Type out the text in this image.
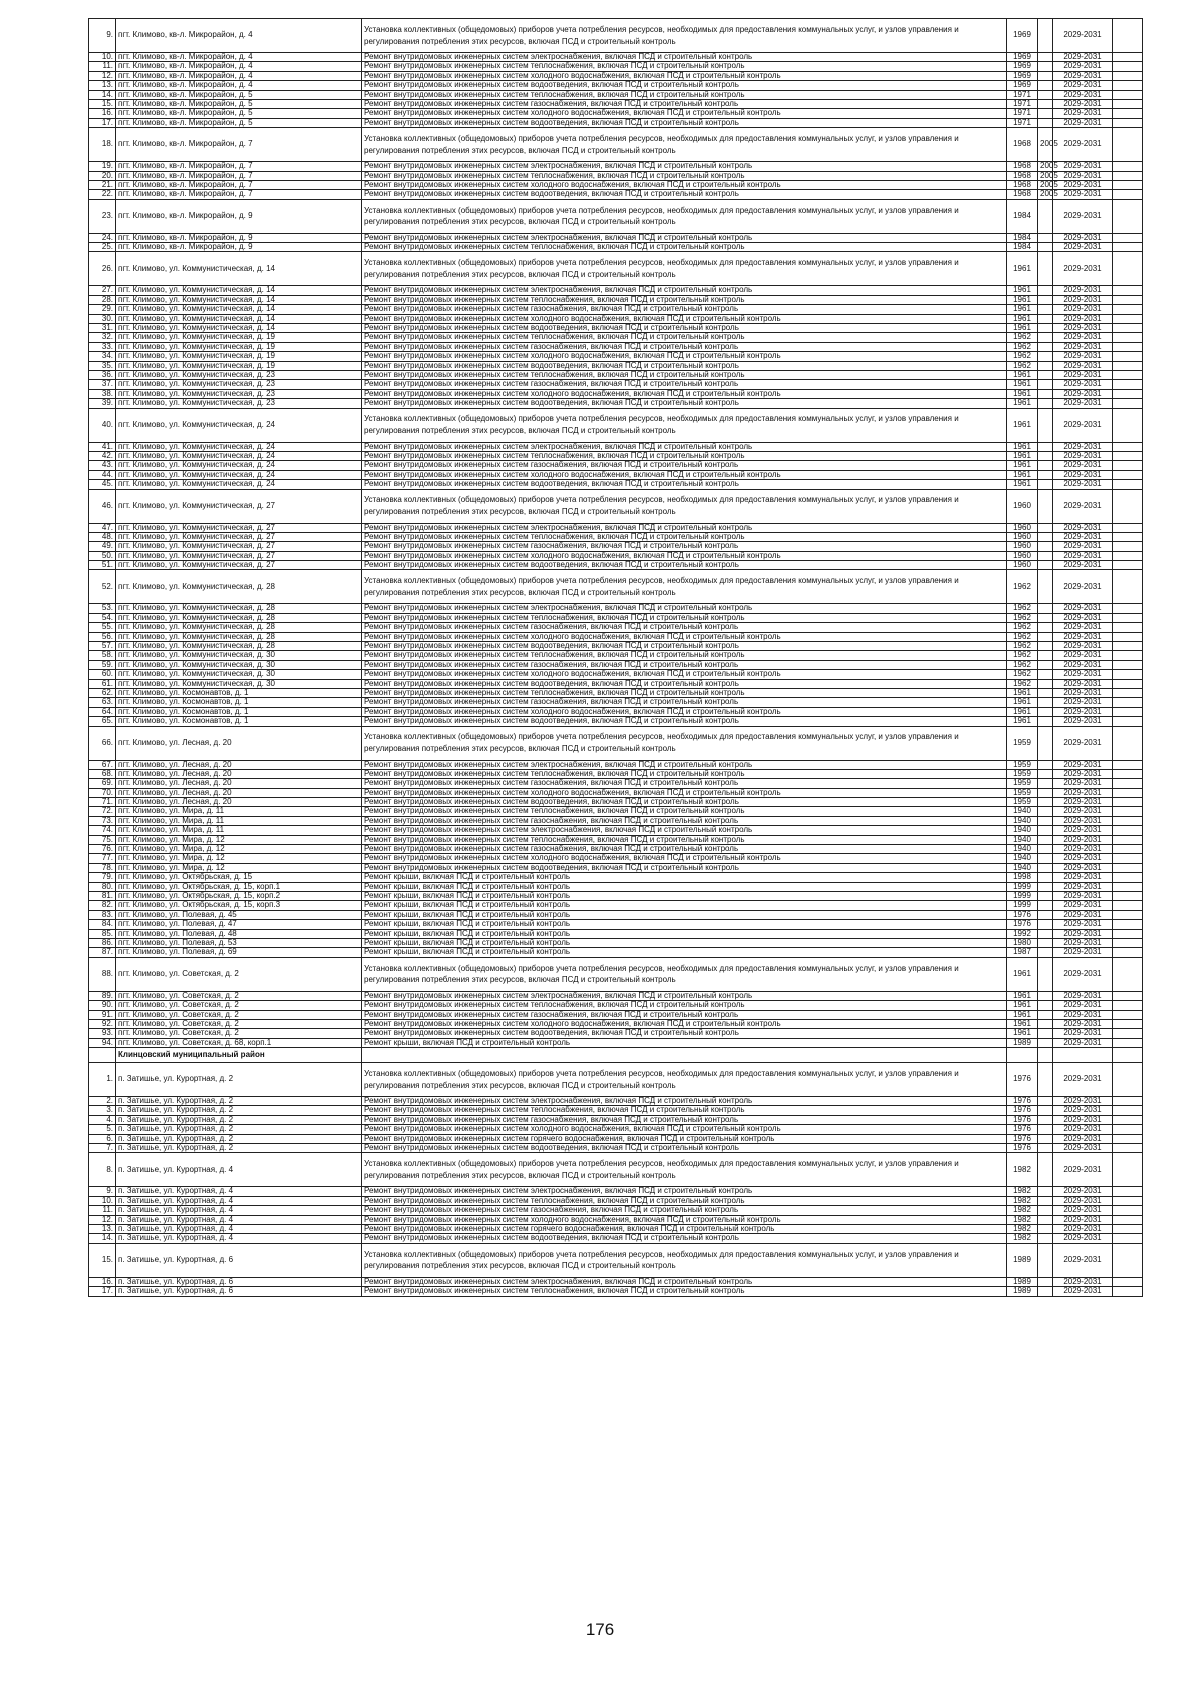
9.	пгт. Климово, кв-л. Микрорайон, д. 4	Установка коллективных (общедомовых) приборов учета потребления ресурсов, необходимых для предоставления коммунальных услуг, и узлов управления и регулирования потребления этих ресурсов, включая ПСД и строительный контроль	1969		2029-2031	
10.	пгт. Климово, кв-л. Микрорайон, д. 4	Ремонт внутридомовых инженерных систем электроснабжения, включая ПСД и строительный контроль	1969		2029-2031	
11.	пгт. Климово, кв-л. Микрорайон, д. 4	Ремонт внутридомовых инженерных систем теплоснабжения, включая ПСД и строительный контроль	1969		2029-2031	
12.	пгт. Климово, кв-л. Микрорайон, д. 4	Ремонт внутридомовых инженерных систем холодного водоснабжения, включая ПСД и строительный контроль	1969		2029-2031	
13.	пгт. Климово, кв-л. Микрорайон, д. 4	Ремонт внутридомовых инженерных систем водоотведения, включая ПСД и строительный контроль	1969		2029-2031	
14.	пгт. Климово, кв-л. Микрорайон, д. 5	Ремонт внутридомовых инженерных систем теплоснабжения, включая ПСД и строительный контроль	1971		2029-2031	
15.	пгт. Климово, кв-л. Микрорайон, д. 5	Ремонт внутридомовых инженерных систем газоснабжения, включая ПСД и строительный контроль	1971		2029-2031	
16.	пгт. Климово, кв-л. Микрорайон, д. 5	Ремонт внутридомовых инженерных систем холодного водоснабжения, включая ПСД и строительный контроль	1971		2029-2031	
17.	пгт. Климово, кв-л. Микрорайон, д. 5	Ремонт внутридомовых инженерных систем водоотведения, включая ПСД и строительный контроль	1971		2029-2031	
18.	пгт. Климово, кв-л. Микрорайон, д. 7	Установка коллективных (общедомовых) приборов учета потребления ресурсов, необходимых для предоставления коммунальных услуг, и узлов управления и регулирования потребления этих ресурсов, включая ПСД и строительный контроль	1968	2005	2029-2031	
19.	пгт. Климово, кв-л. Микрорайон, д. 7	Ремонт внутридомовых инженерных систем электроснабжения, включая ПСД и строительный контроль	1968	2005	2029-2031	
20.	пгт. Климово, кв-л. Микрорайон, д. 7	Ремонт внутридомовых инженерных систем теплоснабжения, включая ПСД и строительный контроль	1968	2005	2029-2031	
21.	пгт. Климово, кв-л. Микрорайон, д. 7	Ремонт внутридомовых инженерных систем холодного водоснабжения, включая ПСД и строительный контроль	1968	2005	2029-2031	
22.	пгт. Климово, кв-л. Микрорайон, д. 7	Ремонт внутридомовых инженерных систем водоотведения, включая ПСД и строительный контроль	1968	2005	2029-2031	
23.	пгт. Климово, кв-л. Микрорайон, д. 9	Установка коллективных (общедомовых) приборов учета потребления ресурсов, необходимых для предоставления коммунальных услуг, и узлов управления и регулирования потребления этих ресурсов, включая ПСД и строительный контроль	1984		2029-2031	
24.	пгт. Климово, кв-л. Микрорайон, д. 9	Ремонт внутридомовых инженерных систем электроснабжения, включая ПСД и строительный контроль	1984		2029-2031	
25.	пгт. Климово, кв-л. Микрорайон, д. 9	Ремонт внутридомовых инженерных систем теплоснабжения, включая ПСД и строительный контроль	1984		2029-2031	
26.	пгт. Климово, ул. Коммунистическая, д. 14	Установка коллективных (общедомовых) приборов учета потребления ресурсов, необходимых для предоставления коммунальных услуг, и узлов управления и регулирования потребления этих ресурсов, включая ПСД и строительный контроль	1961		2029-2031	
27.	пгт. Климово, ул. Коммунистическая, д. 14	Ремонт внутридомовых инженерных систем электроснабжения, включая ПСД и строительный контроль	1961		2029-2031	
28.	пгт. Климово, ул. Коммунистическая, д. 14	Ремонт внутридомовых инженерных систем теплоснабжения, включая ПСД и строительный контроль	1961		2029-2031	
29.	пгт. Климово, ул. Коммунистическая, д. 14	Ремонт внутридомовых инженерных систем газоснабжения, включая ПСД и строительный контроль	1961		2029-2031	
30.	пгт. Климово, ул. Коммунистическая, д. 14	Ремонт внутридомовых инженерных систем холодного водоснабжения, включая ПСД и строительный контроль	1961		2029-2031	
31.	пгт. Климово, ул. Коммунистическая, д. 14	Ремонт внутридомовых инженерных систем водоотведения, включая ПСД и строительный контроль	1961		2029-2031	
32.	пгт. Климово, ул. Коммунистическая, д. 19	Ремонт внутридомовых инженерных систем теплоснабжения, включая ПСД и строительный контроль	1962		2029-2031	
33.	пгт. Климово, ул. Коммунистическая, д. 19	Ремонт внутридомовых инженерных систем газоснабжения, включая ПСД и строительный контроль	1962		2029-2031	
34.	пгт. Климово, ул. Коммунистическая, д. 19	Ремонт внутридомовых инженерных систем холодного водоснабжения, включая ПСД и строительный контроль	1962		2029-2031	
35.	пгт. Климово, ул. Коммунистическая, д. 19	Ремонт внутридомовых инженерных систем водоотведения, включая ПСД и строительный контроль	1962		2029-2031	
36.	пгт. Климово, ул. Коммунистическая, д. 23	Ремонт внутридомовых инженерных систем теплоснабжения, включая ПСД и строительный контроль	1961		2029-2031	
37.	пгт. Климово, ул. Коммунистическая, д. 23	Ремонт внутридомовых инженерных систем газоснабжения, включая ПСД и строительный контроль	1961		2029-2031	
38.	пгт. Климово, ул. Коммунистическая, д. 23	Ремонт внутридомовых инженерных систем холодного водоснабжения, включая ПСД и строительный контроль	1961		2029-2031	
39.	пгт. Климово, ул. Коммунистическая, д. 23	Ремонт внутридомовых инженерных систем водоотведения, включая ПСД и строительный контроль	1961		2029-2031	
40.	пгт. Климово, ул. Коммунистическая, д. 24	Установка коллективных (общедомовых) приборов учета потребления ресурсов, необходимых для предоставления коммунальных услуг, и узлов управления и регулирования потребления этих ресурсов, включая ПСД и строительный контроль	1961		2029-2031	
41.	пгт. Климово, ул. Коммунистическая, д. 24	Ремонт внутридомовых инженерных систем электроснабжения, включая ПСД и строительный контроль	1961		2029-2031	
42.	пгт. Климово, ул. Коммунистическая, д. 24	Ремонт внутридомовых инженерных систем теплоснабжения, включая ПСД и строительный контроль	1961		2029-2031	
43.	пгт. Климово, ул. Коммунистическая, д. 24	Ремонт внутридомовых инженерных систем газоснабжения, включая ПСД и строительный контроль	1961		2029-2031	
44.	пгт. Климово, ул. Коммунистическая, д. 24	Ремонт внутридомовых инженерных систем холодного водоснабжения, включая ПСД и строительный контроль	1961		2029-2031	
45.	пгт. Климово, ул. Коммунистическая, д. 24	Ремонт внутридомовых инженерных систем водоотведения, включая ПСД и строительный контроль	1961		2029-2031	
46.	пгт. Климово, ул. Коммунистическая, д. 27	Установка коллективных (общедомовых) приборов учета потребления ресурсов, необходимых для предоставления коммунальных услуг, и узлов управления и регулирования потребления этих ресурсов, включая ПСД и строительный контроль	1960		2029-2031	
47.	пгт. Климово, ул. Коммунистическая, д. 27	Ремонт внутридомовых инженерных систем электроснабжения, включая ПСД и строительный контроль	1960		2029-2031	
48.	пгт. Климово, ул. Коммунистическая, д. 27	Ремонт внутридомовых инженерных систем теплоснабжения, включая ПСД и строительный контроль	1960		2029-2031	
49.	пгт. Климово, ул. Коммунистическая, д. 27	Ремонт внутридомовых инженерных систем газоснабжения, включая ПСД и строительный контроль	1960		2029-2031	
50.	пгт. Климово, ул. Коммунистическая, д. 27	Ремонт внутридомовых инженерных систем холодного водоснабжения, включая ПСД и строительный контроль	1960		2029-2031	
51.	пгт. Климово, ул. Коммунистическая, д. 27	Ремонт внутридомовых инженерных систем водоотведения, включая ПСД и строительный контроль	1960		2029-2031	
52.	пгт. Климово, ул. Коммунистическая, д. 28	Установка коллективных (общедомовых) приборов учета потребления ресурсов, необходимых для предоставления коммунальных услуг, и узлов управления и регулирования потребления этих ресурсов, включая ПСД и строительный контроль	1962		2029-2031	
53.	пгт. Климово, ул. Коммунистическая, д. 28	Ремонт внутридомовых инженерных систем электроснабжения, включая ПСД и строительный контроль	1962		2029-2031	
54.	пгт. Климово, ул. Коммунистическая, д. 28	Ремонт внутридомовых инженерных систем теплоснабжения, включая ПСД и строительный контроль	1962		2029-2031	
55.	пгт. Климово, ул. Коммунистическая, д. 28	Ремонт внутридомовых инженерных систем газоснабжения, включая ПСД и строительный контроль	1962		2029-2031	
56.	пгт. Климово, ул. Коммунистическая, д. 28	Ремонт внутридомовых инженерных систем холодного водоснабжения, включая ПСД и строительный контроль	1962		2029-2031	
57.	пгт. Климово, ул. Коммунистическая, д. 28	Ремонт внутридомовых инженерных систем водоотведения, включая ПСД и строительный контроль	1962		2029-2031	
58.	пгт. Климово, ул. Коммунистическая, д. 30	Ремонт внутридомовых инженерных систем теплоснабжения, включая ПСД и строительный контроль	1962		2029-2031	
59.	пгт. Климово, ул. Коммунистическая, д. 30	Ремонт внутридомовых инженерных систем газоснабжения, включая ПСД и строительный контроль	1962		2029-2031	
60.	пгт. Климово, ул. Коммунистическая, д. 30	Ремонт внутридомовых инженерных систем холодного водоснабжения, включая ПСД и строительный контроль	1962		2029-2031	
61.	пгт. Климово, ул. Коммунистическая, д. 30	Ремонт внутридомовых инженерных систем водоотведения, включая ПСД и строительный контроль	1962		2029-2031	
62.	пгт. Климово, ул. Космонавтов, д. 1	Ремонт внутридомовых инженерных систем теплоснабжения, включая ПСД и строительный контроль	1961		2029-2031	
63.	пгт. Климово, ул. Космонавтов, д. 1	Ремонт внутридомовых инженерных систем газоснабжения, включая ПСД и строительный контроль	1961		2029-2031	
64.	пгт. Климово, ул. Космонавтов, д. 1	Ремонт внутридомовых инженерных систем холодного водоснабжения, включая ПСД и строительный контроль	1961		2029-2031	
65.	пгт. Климово, ул. Космонавтов, д. 1	Ремонт внутридомовых инженерных систем водоотведения, включая ПСД и строительный контроль	1961		2029-2031	
66.	пгт. Климово, ул. Лесная, д. 20	Установка коллективных (общедомовых) приборов учета потребления ресурсов, необходимых для предоставления коммунальных услуг, и узлов управления и регулирования потребления этих ресурсов, включая ПСД и строительный контроль	1959		2029-2031	
67.	пгт. Климово, ул. Лесная, д. 20	Ремонт внутридомовых инженерных систем электроснабжения, включая ПСД и строительный контроль	1959		2029-2031	
68.	пгт. Климово, ул. Лесная, д. 20	Ремонт внутридомовых инженерных систем теплоснабжения, включая ПСД и строительный контроль	1959		2029-2031	
69.	пгт. Климово, ул. Лесная, д. 20	Ремонт внутридомовых инженерных систем газоснабжения, включая ПСД и строительный контроль	1959		2029-2031	
70.	пгт. Климово, ул. Лесная, д. 20	Ремонт внутридомовых инженерных систем холодного водоснабжения, включая ПСД и строительный контроль	1959		2029-2031	
71.	пгт. Климово, ул. Лесная, д. 20	Ремонт внутридомовых инженерных систем водоотведения, включая ПСД и строительный контроль	1959		2029-2031	
72.	пгт. Климово, ул. Мира, д. 11	Ремонт внутридомовых инженерных систем теплоснабжения, включая ПСД и строительный контроль	1940		2029-2031	
73.	пгт. Климово, ул. Мира, д. 11	Ремонт внутридомовых инженерных систем газоснабжения, включая ПСД и строительный контроль	1940		2029-2031	
74.	пгт. Климово, ул. Мира, д. 11	Ремонт внутридомовых инженерных систем электроснабжения, включая ПСД и строительный контроль	1940		2029-2031	
75.	пгт. Климово, ул. Мира, д. 12	Ремонт внутридомовых инженерных систем теплоснабжения, включая ПСД и строительный контроль	1940		2029-2031	
76.	пгт. Климово, ул. Мира, д. 12	Ремонт внутридомовых инженерных систем газоснабжения, включая ПСД и строительный контроль	1940		2029-2031	
77.	пгт. Климово, ул. Мира, д. 12	Ремонт внутридомовых инженерных систем холодного водоснабжения, включая ПСД и строительный контроль	1940		2029-2031	
78.	пгт. Климово, ул. Мира, д. 12	Ремонт внутридомовых инженерных систем водоотведения, включая ПСД и строительный контроль	1940		2029-2031	
79.	пгт. Климово, ул. Октябрьская, д. 15	Ремонт крыши, включая ПСД и строительный контроль	1998		2029-2031	
80.	пгт. Климово, ул. Октябрьская, д. 15, корп.1	Ремонт крыши, включая ПСД и строительный контроль	1999		2029-2031	
81.	пгт. Климово, ул. Октябрьская, д. 15, корп.2	Ремонт крыши, включая ПСД и строительный контроль	1999		2029-2031	
82.	пгт. Климово, ул. Октябрьская, д. 15, корп.3	Ремонт крыши, включая ПСД и строительный контроль	1999		2029-2031	
83.	пгт. Климово, ул. Полевая, д. 45	Ремонт крыши, включая ПСД и строительный контроль	1976		2029-2031	
84.	пгт. Климово, ул. Полевая, д. 47	Ремонт крыши, включая ПСД и строительный контроль	1976		2029-2031	
85.	пгт. Климово, ул. Полевая, д. 48	Ремонт крыши, включая ПСД и строительный контроль	1992		2029-2031	
86.	пгт. Климово, ул. Полевая, д. 53	Ремонт крыши, включая ПСД и строительный контроль	1980		2029-2031	
87.	пгт. Климово, ул. Полевая, д. 69	Ремонт крыши, включая ПСД и строительный контроль	1987		2029-2031	
88.	пгт. Климово, ул. Советская, д. 2	Установка коллективных (общедомовых) приборов учета потребления ресурсов, необходимых для предоставления коммунальных услуг, и узлов управления и регулирования потребления этих ресурсов, включая ПСД и строительный контроль	1961		2029-2031	
89.	пгт. Климово, ул. Советская, д. 2	Ремонт внутридомовых инженерных систем электроснабжения, включая ПСД и строительный контроль	1961		2029-2031	
90.	пгт. Климово, ул. Советская, д. 2	Ремонт внутридомовых инженерных систем теплоснабжения, включая ПСД и строительный контроль	1961		2029-2031	
91.	пгт. Климово, ул. Советская, д. 2	Ремонт внутридомовых инженерных систем газоснабжения, включая ПСД и строительный контроль	1961		2029-2031	
92.	пгт. Климово, ул. Советская, д. 2	Ремонт внутридомовых инженерных систем холодного водоснабжения, включая ПСД и строительный контроль	1961		2029-2031	
93.	пгт. Климово, ул. Советская, д. 2	Ремонт внутридомовых инженерных систем водоотведения, включая ПСД и строительный контроль	1961		2029-2031	
94.	пгт. Климово, ул. Советская, д. 68, корп.1	Ремонт крыши, включая ПСД и строительный контроль	1989		2029-2031	
	Клинцовский муниципальный район					
1.	п. Затишье, ул. Курортная, д. 2	Установка коллективных (общедомовых) приборов учета потребления ресурсов, необходимых для предоставления коммунальных услуг, и узлов управления и регулирования потребления этих ресурсов, включая ПСД и строительный контроль	1976		2029-2031	
2.	п. Затишье, ул. Курортная, д. 2	Ремонт внутридомовых инженерных систем электроснабжения, включая ПСД и строительный контроль	1976		2029-2031	
3.	п. Затишье, ул. Курортная, д. 2	Ремонт внутридомовых инженерных систем теплоснабжения, включая ПСД и строительный контроль	1976		2029-2031	
4.	п. Затишье, ул. Курортная, д. 2	Ремонт внутридомовых инженерных систем газоснабжения, включая ПСД и строительный контроль	1976		2029-2031	
5.	п. Затишье, ул. Курортная, д. 2	Ремонт внутридомовых инженерных систем холодного водоснабжения, включая ПСД и строительный контроль	1976		2029-2031	
6.	п. Затишье, ул. Курортная, д. 2	Ремонт внутридомовых инженерных систем горячего водоснабжения, включая ПСД и строительный контроль	1976		2029-2031	
7.	п. Затишье, ул. Курортная, д. 2	Ремонт внутридомовых инженерных систем водоотведения, включая ПСД и строительный контроль	1976		2029-2031	
8.	п. Затишье, ул. Курортная, д. 4	Установка коллективных (общедомовых) приборов учета потребления ресурсов, необходимых для предоставления коммунальных услуг, и узлов управления и регулирования потребления этих ресурсов, включая ПСД и строительный контроль	1982		2029-2031	
9.	п. Затишье, ул. Курортная, д. 4	Ремонт внутридомовых инженерных систем электроснабжения, включая ПСД и строительный контроль	1982		2029-2031	
10.	п. Затишье, ул. Курортная, д. 4	Ремонт внутридомовых инженерных систем теплоснабжения, включая ПСД и строительный контроль	1982		2029-2031	
11.	п. Затишье, ул. Курортная, д. 4	Ремонт внутридомовых инженерных систем газоснабжения, включая ПСД и строительный контроль	1982		2029-2031	
12.	п. Затишье, ул. Курортная, д. 4	Ремонт внутридомовых инженерных систем холодного водоснабжения, включая ПСД и строительный контроль	1982		2029-2031	
13.	п. Затишье, ул. Курортная, д. 4	Ремонт внутридомовых инженерных систем горячего водоснабжения, включая ПСД и строительный контроль	1982		2029-2031	
14.	п. Затишье, ул. Курортная, д. 4	Ремонт внутридомовых инженерных систем водоотведения, включая ПСД и строительный контроль	1982		2029-2031	
15.	п. Затишье, ул. Курортная, д. 6	Установка коллективных (общедомовых) приборов учета потребления ресурсов, необходимых для предоставления коммунальных услуг, и узлов управления и регулирования потребления этих ресурсов, включая ПСД и строительный контроль	1989		2029-2031	
16.	п. Затишье, ул. Курортная, д. 6	Ремонт внутридомовых инженерных систем электроснабжения, включая ПСД и строительный контроль	1989		2029-2031	
17.	п. Затишье, ул. Курортная, д. 6	Ремонт внутридомовых инженерных систем теплоснабжения, включая ПСД и строительный контроль	1989		2029-2031	
176
